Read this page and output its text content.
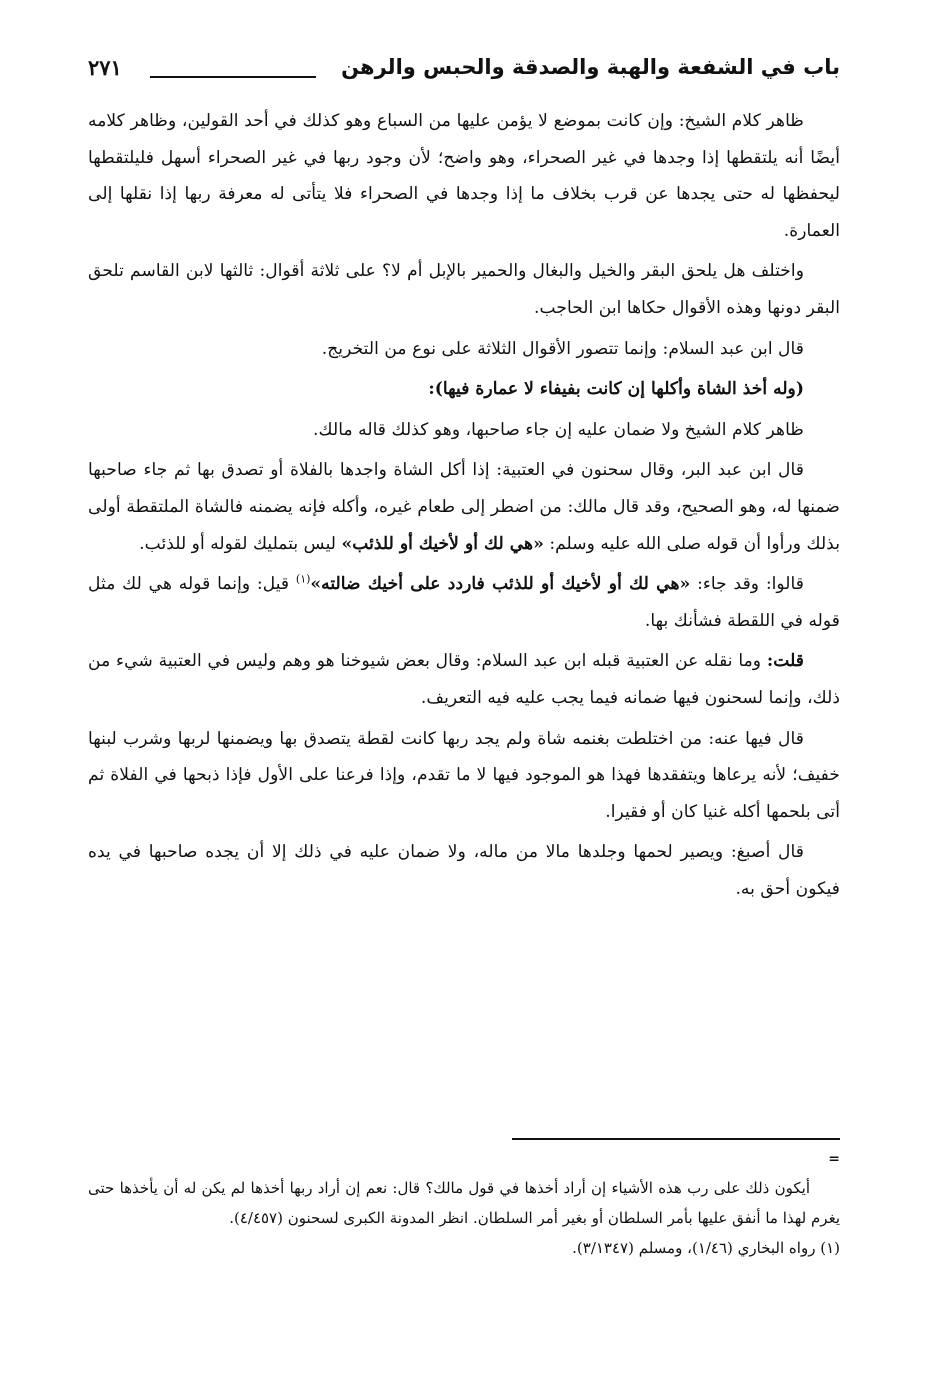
باب في الشفعة والهبة والصدقة والحبس والرهن
٢٧١

ظاهر كلام الشيخ: وإن كانت بموضع لا يؤمن عليها من السباع وهو كذلك في أحد القولين، وظاهر كلامه أيضًا أنه يلتقطها إذا وجدها في غير الصحراء، وهو واضح؛ لأن وجود ربها في غير الصحراء أسهل فليلتقطها ليحفظها له حتى يجدها عن قرب بخلاف ما إذا وجدها في الصحراء فلا يتأتى له معرفة ربها إذا نقلها إلى العمارة.

واختلف هل يلحق البقر والخيل والبغال والحمير بالإبل أم لا؟ على ثلاثة أقوال: ثالثها لابن القاسم تلحق البقر دونها وهذه الأقوال حكاها ابن الحاجب.

قال ابن عبد السلام: وإنما تتصور الأقوال الثلاثة على نوع من التخريج.

(وله أخذ الشاة وأكلها إن كانت بفيفاء لا عمارة فيها):

ظاهر كلام الشيخ ولا ضمان عليه إن جاء صاحبها، وهو كذلك قاله مالك.

قال ابن عبد البر، وقال سحنون في العتبية: إذا أكل الشاة واجدها بالفلاة أو تصدق بها ثم جاء صاحبها ضمنها له، وهو الصحيح، وقد قال مالك: من اضطر إلى طعام غيره، وأكله فإنه يضمنه فالشاة الملتقطة أولى بذلك ورأوا أن قوله صلى الله عليه وسلم: «هي لك أو لأخيك أو للذئب» ليس بتمليك لقوله أو للذئب.

قالوا: وقد جاء: «هي لك أو لأخيك أو للذئب فاردد على أخيك ضالته»$^{(١)}$ قيل: وإنما قوله هي لك مثل قوله في اللقطة فشأنك بها.

قلت: وما نقله عن العتبية قبله ابن عبد السلام: وقال بعض شيوخنا هو وهم وليس في العتبية شيء من ذلك، وإنما لسحنون فيها ضمانه فيما يجب عليه فيه التعريف.

قال فيها عنه: من اختلطت بغنمه شاة ولم يجد ربها كانت لقطة يتصدق بها ويضمنها لربها وشرب لبنها خفيف؛ لأنه يرعاها ويتفقدها فهذا هو الموجود فيها لا ما تقدم، وإذا فرعنا على الأول فإذا ذبحها في الفلاة ثم أتى بلحمها أكله غنيا كان أو فقيرا.

قال أصبغ: ويصير لحمها وجلدها مالا من ماله، ولا ضمان عليه في ذلك إلا أن يجده صاحبها في يده فيكون أحق به.

=

أيكون ذلك على رب هذه الأشياء إن أراد أخذها في قول مالك؟ قال: نعم إن أراد ربها أخذها لم يكن له أن يأخذها حتى يغرم لهذا ما أنفق عليها بأمر السلطان أو بغير أمر السلطان. انظر المدونة الكبرى لسحنون (٤/٤٥٧).

(١) رواه البخاري (١/٤٦)، ومسلم (٣/١٣٤٧).
